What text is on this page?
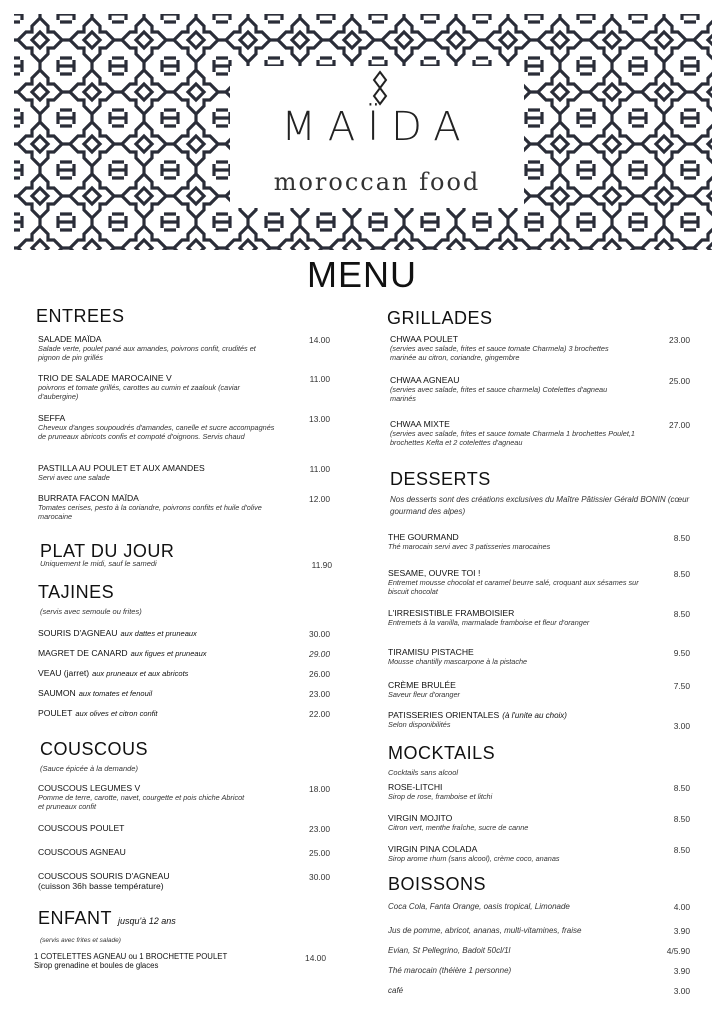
MAÏDA
moroccan food
MENU
ENTREES
SALADE MAÏDA
Salade verte, poulet pané aux amandes, poivrons confit, crudités et pignon de pin grillés
14.00
TRIO DE SALADE MAROCAINE V
poivrons et tomate grillés, carottes au cumin et zaalouk (caviar d'aubergine)
11.00
SEFFA
Cheveux d'anges soupoudrés d'amandes, canelle et sucre accompagnés de pruneaux abricots confis et compoté d'oignons. Servis chaud
13.00
PASTILLA AU POULET ET AUX AMANDES
Servi avec une salade
11.00
BURRATA FACON MAÏDA
Tomates cerises, pesto à la coriandre, poivrons confits et huile d'olive marocaine
12.00
PLAT DU JOUR
Uniquement le midi, sauf le samedi	11.90
TAJINES
(servis avec semoule ou frites)
SOURIS D'AGNEAU aux dattes et pruneaux	30.00
MAGRET DE CANARD aux figues et pruneaux	29.00
VEAU (jarret) aux pruneaux et aux abricots	26.00
SAUMON aux tomates et fenouil	23.00
POULET aux olives et citron confit	22.00
COUSCOUS
(Sauce épicée à la demande)
COUSCOUS LEGUMES V
Pomme de terre, carotte, navet, courgette et pois chiche Abricot et pruneaux confit
18.00
COUSCOUS POULET	23.00
COUSCOUS AGNEAU	25.00
COUSCOUS SOURIS D'AGNEAU
(cuisson 36h basse température)
30.00
ENFANT jusqu'à 12 ans
(servis avec frites et salade)
1 COTELETTES AGNEAU ou 1 BROCHETTE POULET
Sirop grenadine et boules de glaces
14.00
GRILLADES
CHWAA POULET
(servies avec salade, frites et sauce tomate Charmela) 3 brochettes marinée au citron, coriandre, gingembre
23.00
CHWAA AGNEAU
(servies avec salade, frites et sauce charmela) Cotelettes d'agneau marinés
25.00
CHWAA MIXTE
(servies avec salade, frites et sauce tomate Charmela 1 brochettes Poulet,1 brochettes Kefta et 2 cotelettes d'agneau
27.00
DESSERTS
Nos desserts sont des créations exclusives du Maître Pâtissier Gérald BONIN (cœur gourmand des alpes)
THE GOURMAND
Thé marocain servi avec 3 patisseries marocaines
8.50
SESAME, OUVRE TOI !
Entremet mousse chocolat et caramel beurre salé, croquant aux sésames sur biscuit chocolat
8.50
L'IRRESISTIBLE FRAMBOISIER
Entremets à la vanilla, marmalade framboise et fleur d'oranger
8.50
TIRAMISU PISTACHE
Mousse chantilly mascarpone à la pistache
9.50
CRÈME BRULÉE
Saveur fleur d'oranger
7.50
PATISSERIES ORIENTALES (à l'unite au choix)
Selon disponibilités	3.00
MOCKTAILS
Cocktails sans alcool
ROSE-LITCHI
Sirop de rose, framboise et litchi
8.50
VIRGIN MOJITO
Citron vert, menthe fraîche, sucre de canne
8.50
VIRGIN PINA COLADA
Sirop arome rhum (sans alcool), crème coco, ananas
8.50
BOISSONS
Coca Cola, Fanta Orange, oasis tropical, Limonade	4.00
Jus de pomme, abricot, ananas, multi-vitamines, fraise	3.90
Evian, St Pellegrino, Badoit 50cl/1l	4/5.90
Thé marocain (théière 1 personne)	3.90
café	3.00
